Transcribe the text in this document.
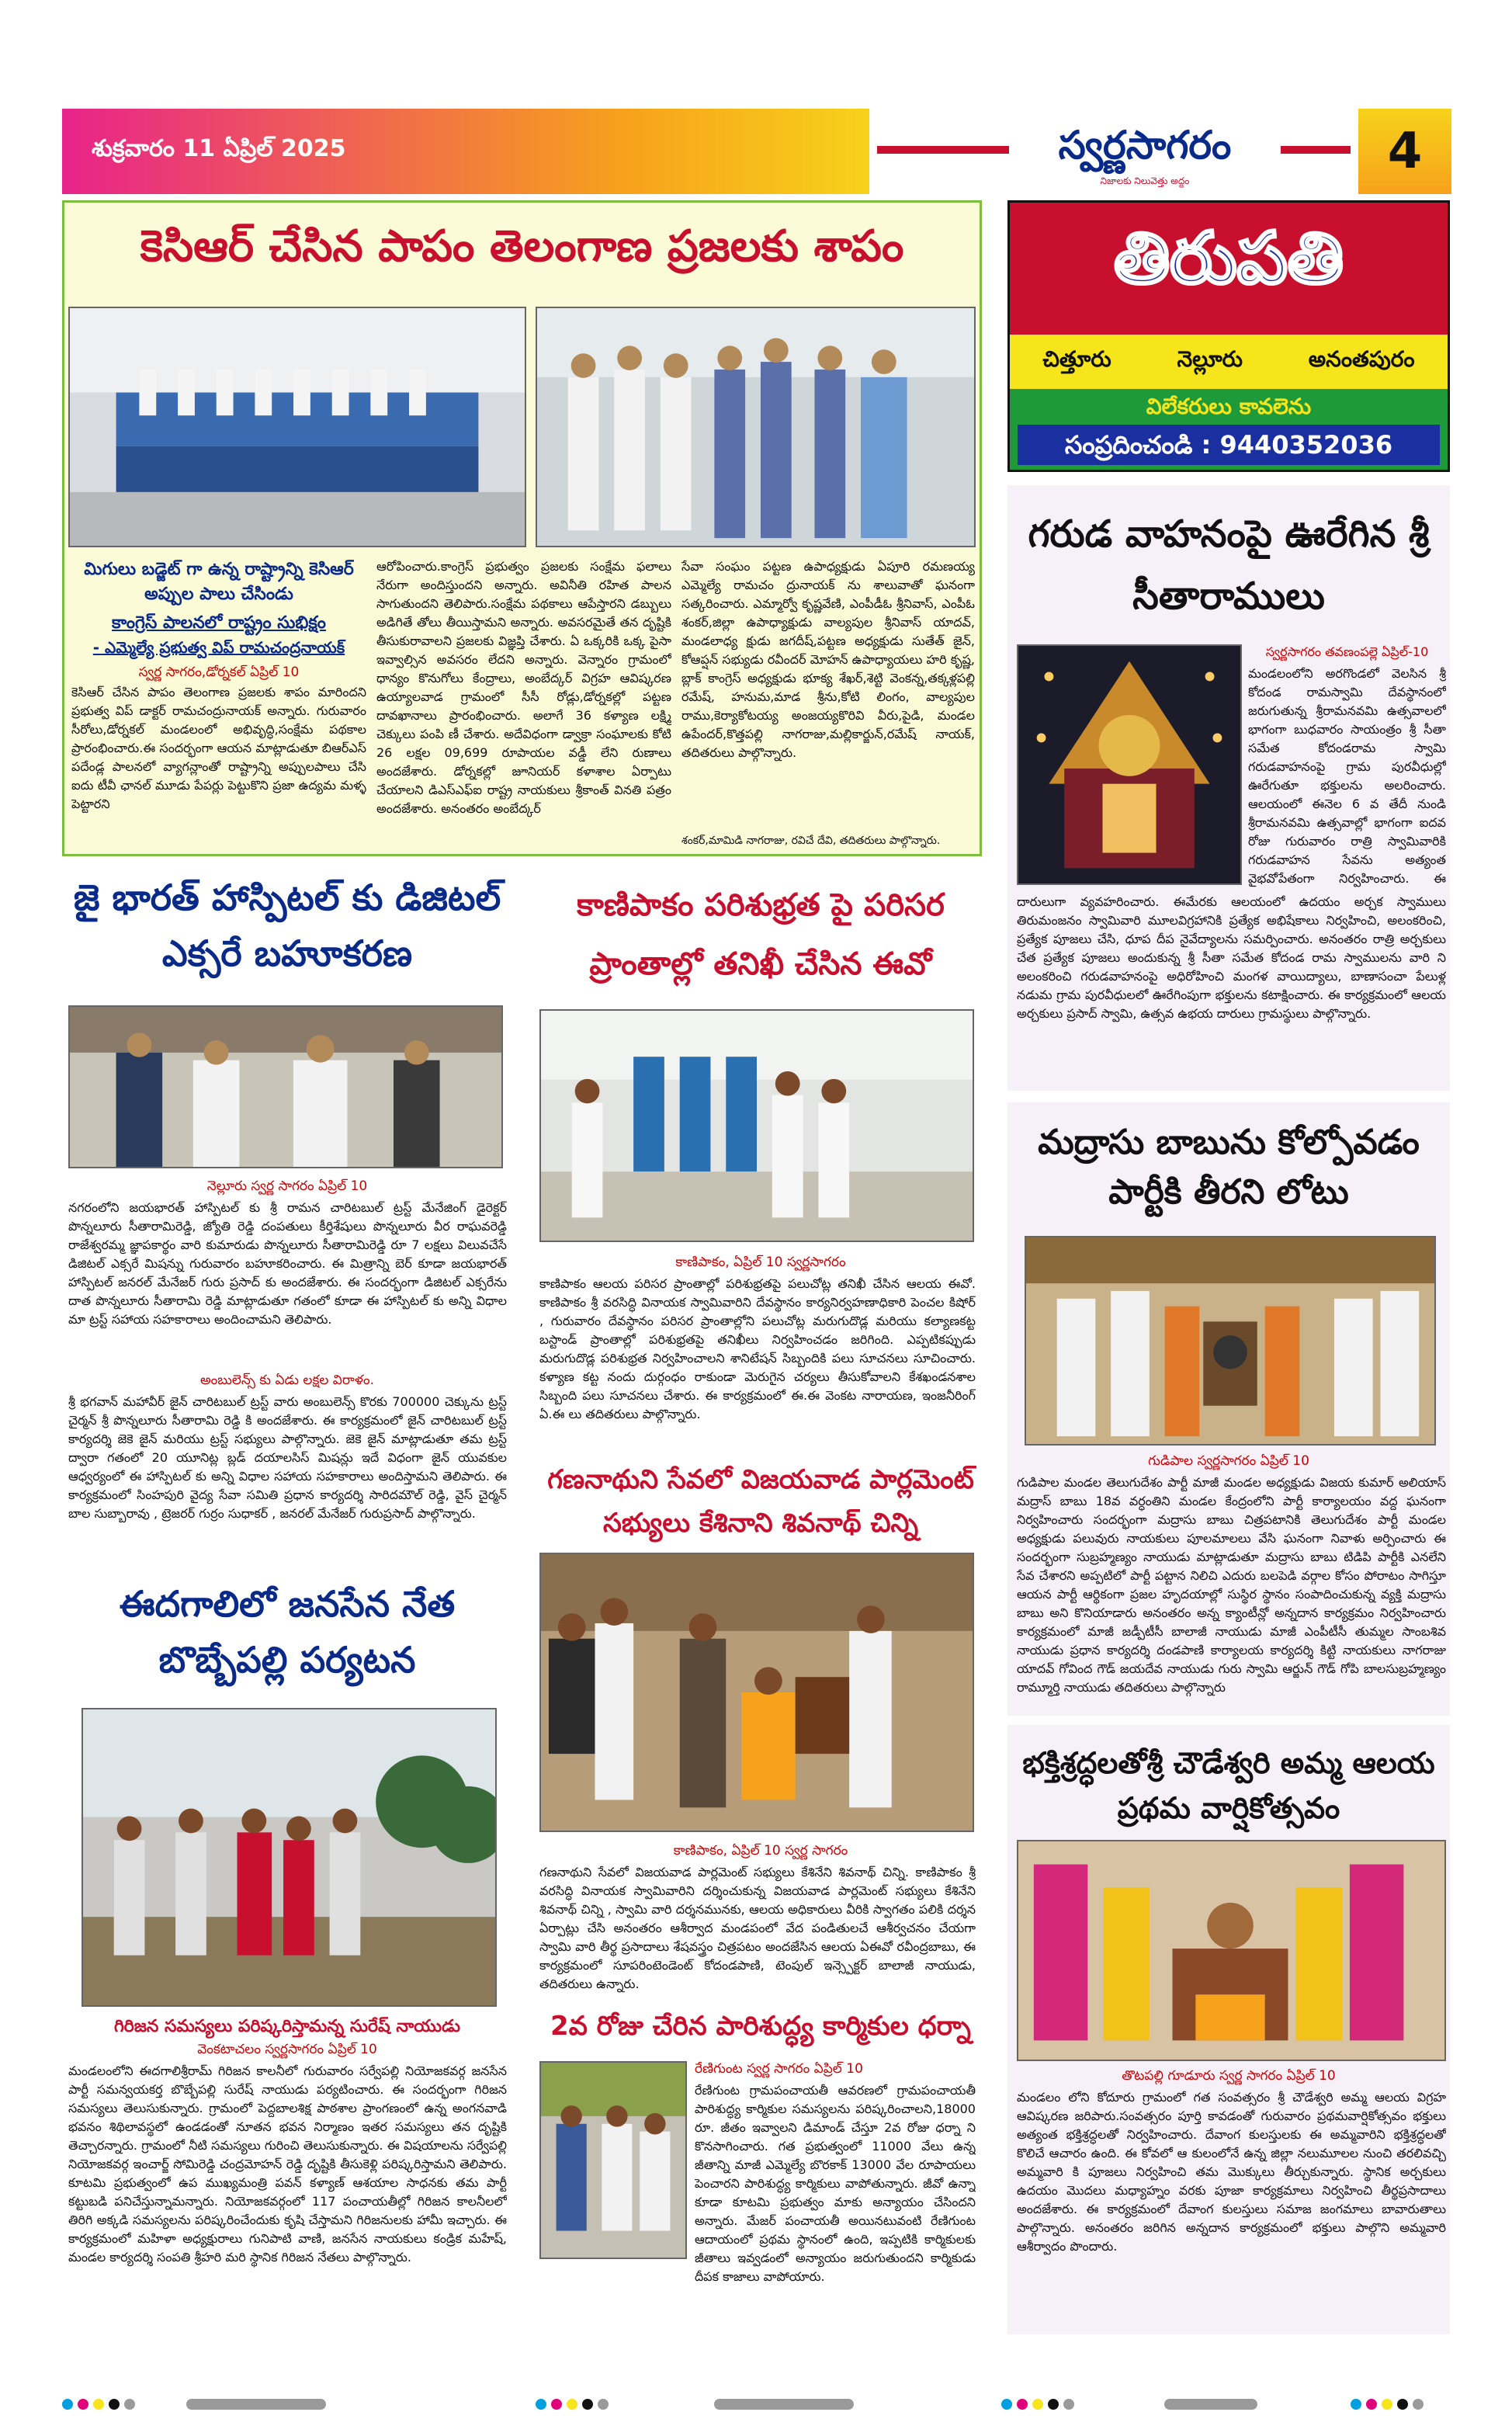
శుక్రవారం 11 ఏప్రిల్ 2025	స్వర్ణసాగరం
నిజాలకు నిలువెత్తు అద్దం
4
కెసిఆర్ చేసిన పాపం తెలంగాణ ప్రజలకు శాపం
మిగులు బడ్జెట్ గా ఉన్న రాష్ట్రాన్ని కెసిఆర్ అప్పుల పాలు చేసిండు
కాంగ్రెస్ పాలనలో రాష్ట్రం సుభిక్షం
- ఎమ్మెల్యే ప్రభుత్వ విప్ రామచంద్రనాయక్
స్వర్ణ సాగరం,డోర్నకల్ ఏప్రిల్ 10
కెసిఆర్ చేసిన పాపం తెలంగాణ ప్రజలకు శాపం మారిందని ప్రభుత్వ విప్ డాక్టర్ రామచంద్రునాయక్ అన్నారు. గురువారం సీరోలు,డోర్నకల్ మండలంలో అభివృద్ధి,సంక్షేమ పథకాల ప్రారంభించారు.ఈ సందర్భంగా ఆయన మాట్లాడుతూ బిఆర్ఎస్ పదేండ్ల పాలనలో వ్యాగన్లాంతో రాష్ట్రాన్ని అప్పులపాలు చేసి ఐదు టీవీ ఛానల్ మూడు పేపర్లు పెట్టుకొని ప్రజా ఉద్యమ మళ్ళ పెట్టారని
ఆరోపించారు.కాంగ్రెస్ ప్రభుత్వం ప్రజలకు సంక్షేమ ఫలాలు నేరుగా అందిస్తుందని అన్నారు. అవినీతి రహిత పాలన సాగుతుందని తెలిపారు.సంక్షేమ పథకాలు ఆపేస్తారని డబ్బులు అడిగితే తోలు తీయిస్తామని అన్నారు. అవసరమైతే తన దృష్టికి తీసుకురావాలని ప్రజలకు విజ్ఞప్తి చేశారు. ఏ ఒక్కరికి ఒక్క పైసా ఇవ్వాల్సిన అవసరం లేదని అన్నారు. వెన్నారం గ్రామంలో ధాన్యం కొనుగోలు కేంద్రాలు, అంబేద్కర్ విగ్రహ ఆవిష్కరణ ఉయ్యాలవాడ గ్రామంలో సీసీ రోడ్లు,డోర్నకల్లో పట్టణ దావఖానాలు ప్రారంభించారు. అలాగే 36 కళ్యాణ లక్ష్మి చెక్కులు పంపి ణీ చేశారు. అదేవిధంగా డ్వాక్రా సంఘాలకు కోటి 26 లక్షల 09,699 రూపాయల వడ్డీ లేని రుణాలు అందజేశారు. డోర్నకల్లో జూనియర్ కళాశాల ఏర్పాటు చేయాలని డిఎస్ఎఫ్ఐ రాష్ట్ర నాయకులు శ్రీకాంత్ వినతి పత్రం అందజేశారు. అనంతరం అంబేద్కర్
సేవా సంఘం పట్టణ ఉపాధ్యక్షుడు ఏపూరి రమణయ్య ఎమ్మెల్యే రామచం ద్రునాయక్ ను శాలువాతో ఘనంగా సత్కరించారు. ఎమ్మార్వో కృష్ణవేణి, ఎంపీడీఓ శ్రీనివాస్, ఎంపీఓ శంకర్,జిల్లా ఉపాధ్యాక్షుడు వాల్యపుల శ్రీనివాస్ యాదవ్, మండలాధ్య క్షుడు జగదీష్,పట్టణ అధ్యక్షుడు సుతేత్ జైన్, కోఆప్షన్ సభ్యుడు రవీందర్ మోహన్ ఉపాధ్యాయలు హరి కృష్ణ, బ్లాక్ కాంగ్రెస్ అధ్యక్షుడు భూక్య శేఖర్,శెట్టి వెంకన్న,తక్కళ్లపల్లి రమేష్, హనుమ,మాడ శ్రీను,కోటి లింగం, వాల్యపుల రాము,కెర్యాకోటయ్య అంజయ్యకొరివి వీరు,పైడి, మండల ఉపేందర్,కొత్తపల్లి నాగరాజు,మల్లికార్జున్,రమేష్ నాయక్, తదితరులు పాల్గొన్నారు.
తిరుపతి
చిత్తూరు	నెల్లూరు	అనంతపురం
విలేకరులు కావలెను
సంప్రదించండి : 9440352036
గరుడ వాహనంపై ఊరేగిన శ్రీ సీతారాములు
స్వర్ణసాగరం తవణంపల్లె ఏప్రిల్-10
మండలంలోని అరగొండలో వెలసిన శ్రీ కోదండ రామస్వామి దేవస్థానంలో జరుగుతున్న శ్రీరామనవమి ఉత్సవాలలో భాగంగా బుధవారం సాయంత్రం శ్రీ సీతా సమేత కోదండరామ స్వామి గరుడవాహనంపై గ్రామ పురవీధుల్లో ఊరేగుతూ భక్తులను అలరించారు. ఆలయంలో ఈనెల 6 వ తేదీ నుండి శ్రీరామనవమి ఉత్సవాల్లో భాగంగా ఐదవ రోజు గురువారం రాత్రి స్వామివారికి గరుడవాహన సేవను అత్యంత వైభవోపేతంగా నిర్వహించారు. ఈ
దారులుగా వ్యవహరించారు. ఈమేరకు ఆలయంలో ఉదయం అర్చక స్వాములు తిరుమంజనం స్వామివారి మూలవిగ్రహానికి ప్రత్యేక అభిషేకాలు నిర్వహించి, అలంకరించి, ప్రత్యేక పూజలు చేసి, ధూప దీప నైవేద్యాలను సమర్పించారు. అనంతరం రాత్రి అర్చకులు చేత ప్రత్యేక పూజలు అందుకున్న శ్రీ సీతా సమేత కోదండ రామ స్వాములను వారి ని అలంకరించి గరుడవాహనంపై అధిరోహించి మంగళ వాయిద్యాలు, బాణాసంచా పేలుళ్ల నడుమ గ్రామ పురవీధులలో ఊరేగింపుగా భక్తులను కటాక్షించారు. ఈ కార్యక్రమంలో ఆలయ అర్చకులు ప్రసాద్ స్వామి, ఉత్సవ ఉభయ దారులు గ్రామస్థులు పాల్గొన్నారు.
మద్రాసు బాబును కోల్పోవడం పార్టీకి తీరని లోటు
గుడిపాల స్వర్ణసాగరం ఏప్రిల్ 10
గుడిపాల మండల తెలుగుదేశం పార్టీ మాజీ మండల అధ్యక్షుడు విజయ కుమార్ అలియాస్ మద్రాస్ బాబు 18వ వర్ధంతిని మండల కేంద్రంలోని పార్టీ కార్యాలయం వద్ద ఘనంగా నిర్వహించారు సందర్భంగా మద్రాసు బాబు చిత్రపటానికి తెలుగుదేశం పార్టీ మండల అధ్యక్షుడు పలువురు నాయకులు పూలమాలలు వేసి ఘనంగా నివాళు అర్పించారు ఈ సందర్భంగా సుబ్రహ్మణ్యం నాయుడు మాట్లాడుతూ మద్రాసు బాబు టిడిపి పార్టీకి ఎనలేని సేవ చేశారని అప్పటిలో పార్టీ పట్టాన నిలిచి ఎదురు బలపెడి వర్గాల కోసం పోరాటం సాగిస్తూ ఆయన పార్టీ ఆర్థికంగా ప్రజల హృదయాల్లో సుస్థిర స్థానం సంపాదించుకున్న వ్యక్తి మద్రాసు బాబు అని కొనియాడారు అనంతరం అన్న క్యాంటీన్లో అన్నదాన కార్యక్రమం నిర్వహించారు కార్యక్రమంలో మాజీ జడ్పీటీసీ బాలాజీ నాయుడు మాజీ ఎంపీటీసీ తుమ్మల సాంబశివ నాయుడు ప్రధాన కార్యదర్శి దండపాణి కార్యాలయ కార్యదర్శి కిట్టి నాయకులు నాగరాజు యాదవ్ గోవింద గౌడ్ జయదేవ నాయుడు గురు స్వామి ఆర్జున్ గౌడ్ గోపి బాలసుబ్రహ్మణ్యం రామ్మూర్తి నాయుడు తదితరులు పాల్గొన్నారు
భక్తిశ్రద్ధలతోశ్రీ చౌడేశ్వరి అమ్మ ఆలయ ప్రథమ వార్షికోత్సవం
తొటపల్లి గూడూరు స్వర్ణ సాగరం ఏప్రిల్ 10
మండలం లోని కోదూరు గ్రామంలో గత సంవత్సరం శ్రీ చౌడేశ్వరి అమ్మ ఆలయ విగ్రహ ఆవిష్కరణ జరిపారు.సంవత్సరం పూర్తి కావడంతో గురువారం ప్రథమవార్షికోత్సవం భక్తులు అత్యంత భక్తిశ్రద్ధలతో నిర్వహించారు. దేవాంగ కులస్తులకు ఈ అమ్మవారిని భక్తిశ్రద్ధలతో కొలిచే ఆచారం ఉంది. ఈ కోవలో ఆ కులంలోనే ఉన్న జిల్లా నలుమూలల నుంచి తరలివచ్చి అమ్మవారి కి పూజలు నిర్వహించి తమ మొక్కులు తీర్చుకున్నారు. స్థానిక అర్చకులు ఉదయం మొదలు మధ్యాహ్నం వరకు పూజా కార్యక్రమాలు నిర్వహించి తీర్థప్రసాదాలు అందజేశారు. ఈ కార్యక్రమంలో దేవాంగ కులస్తులు సమాజ జంగమాలు బావారుతాలు పాల్గొన్నారు. అనంతరం జరిగిన అన్నదాన కార్యక్రమంలో భక్తులు పాల్గొని అమ్మవారి ఆశీర్వాదం పొందారు.
జై భారత్ హాస్పిటల్ కు డిజిటల్ ఎక్సరే బహూకరణ
నెల్లూరు స్వర్ణ సాగరం ఏప్రిల్ 10
నగరంలోని జయభారత్ హాస్పిటల్ కు శ్రీ రామన చారిటబుల్ ట్రస్ట్ మేనేజింగ్ డైరెక్టర్ పొన్నలూరు సీతారామిరెడ్డి, జ్యోతి రెడ్డి దంపతులు కీర్తిశేషులు పొన్నలూరు వీర రాఘవరెడ్డి రాజేశ్వరమ్మ జ్ఞాపకార్థం వారి కుమారుడు పొన్నలూరు సీతారామిరెడ్డి రూ 7 లక్షలు విలువచేసే డిజిటల్ ఎక్సరే మిషన్ను గురువారం బహూకరించారు. ఈ మిత్రాన్ని బెర్ కూడా జయభారత్ హాస్పిటల్ జనరల్ మేనేజర్ గురు ప్రసాద్ కు అందజేశారు. ఈ సందర్భంగా డిజిటల్ ఎక్సరేను దాత పొన్నలూరు సీతారామి రెడ్డి మాట్లాడుతూ గతంలో కూడా ఈ హాస్పిటల్ కు అన్ని విధాల మా ట్రస్ట్ సహాయ సహకారాలు అందించామని తెలిపారు.
అంబులెన్స్ కు ఏడు లక్షల విరాళం.
శ్రీ భగవాన్ మహావీర్ జైన్ చారిటబుల్ ట్రస్ట్ వారు అంబులెన్స్ కొరకు 700000 చెక్కును ట్రస్ట్ చైర్మన్ శ్రీ పొన్నలూరు సీతారామి రెడ్డి కి అందజేశారు. ఈ కార్యక్రమంలో జైన్ చారిటబుల్ ట్రస్ట్ కార్యదర్శి జెకె జైన్ మరియు ట్రస్ట్ సభ్యులు పాల్గొన్నారు. జెకె జైన్ మాట్లాడుతూ తమ ట్రస్ట్ ద్వారా గతంలో 20 యూనిట్ల బ్లడ్ దయాలసిస్ మిషన్లు ఇదే విధంగా జైన్ యువకుల ఆధ్వర్యంలో ఈ హాస్పిటల్ కు అన్ని విధాల సహాయ సహకారాలు అందిస్తామని తెలిపారు. ఈ కార్యక్రమంలో సింహపురి వైద్య సేవా సమితి ప్రధాన కార్యదర్శి సారిదమౌల్ రెడ్డి, వైస్ చైర్మన్ బాల సుబ్బారావు , ట్రెజరర్ గుర్రం సుధాకర్ , జనరల్ మేనేజర్ గురుప్రసాద్ పాల్గొన్నారు.
ఈదగాలిలో జనసేన నేత బొబ్బేపల్లి పర్యటన
గిరిజన సమస్యలు పరిష్కరిస్తామన్న సురేష్ నాయుడు
వెంకటాచలం స్వర్ణసాగరం ఏప్రిల్ 10
మండలంలోని ఈదగాలిశ్రీరామ్ గిరిజన కాలనీలో గురువారం సర్వేపల్లి నియోజకవర్గ జనసేన పార్టీ సమన్వయకర్త బొబ్బేపల్లి సురేష్ నాయుడు పర్యటించారు. ఈ సందర్భంగా గిరిజన సమస్యలు తెలుసుకున్నారు. గ్రామంలో పెద్దబాలశిక్ష పాఠశాల ప్రాంగణంలో ఉన్న అంగనవాడి భవనం శిథిలావస్థలో ఉండడంతో నూతన భవన నిర్మాణం ఇతర సమస్యలు తన దృష్టికి తెచ్చారన్నారు. గ్రామంలో నీటి సమస్యలు గురించి తెలుసుకున్నారు. ఈ విషయాలను సర్వేపల్లి నియోజకవర్గ ఇంచార్జ్ సోమిరెడ్డి చంద్రమోహన్ రెడ్డి దృష్టికి తీసుకెళ్లి పరిష్కరిస్తామని తెలిపారు. కూటమి ప్రభుత్వంలో ఉప ముఖ్యమంత్రి పవన్ కళ్యాణ్ ఆశయాల సాధనకు తమ పార్టీ కట్టుబడి పనిచేస్తున్నామన్నారు. నియోజకవర్గంలో 117 పంచాయతీల్లో గిరిజన కాలనీలలో తిరిగి అక్కడి సమస్యలను పరిష్కరించేందుకు కృషి చేస్తామని గిరిజనులకు హామీ ఇచ్చారు. ఈ కార్యక్రమంలో మహిళా అధ్యక్షురాలు గునిపాటి వాణి, జనసేన నాయకులు కండ్రిక మహేష్, మండల కార్యదర్శి సంపతి శ్రీహరి మరి స్థానిక గిరిజన నేతలు పాల్గొన్నారు.
కాణిపాకం పరిశుభ్రత పై పరిసర ప్రాంతాల్లో తనిఖీ చేసిన ఈవో
కాణిపాకం, ఏప్రిల్ 10 స్వర్ణసాగరం
కాణిపాకం ఆలయ పరిసర ప్రాంతాల్లో పరిశుభ్రతపై పలుచోట్ల తనిఖీ చేసిన ఆలయ ఈవో. కాణిపాకం శ్రీ వరసిద్ధి వినాయక స్వామివారిని దేవస్థానం కార్యనిర్వహణాధికారి పెంచల కిషోర్ , గురువారం దేవస్థానం పరిసర ప్రాంతాల్లోని పలుచోట్ల మరుగుదొడ్ల మరియు కల్యాణకట్ట బస్టాండ్ ప్రాంతాల్లో పరిశుభ్రతపై తనిఖీలు నిర్వహించడం జరిగింది. ఎప్పటికప్పుడు మరుగుదొడ్ల పరిశుభ్రత నిర్వహించాలని శానిటేషన్ సిబ్బందికి పలు సూచనలు సూచించారు. కళ్యాణ కట్ట నందు దుర్గంధం రాకుండా మెరుగైన చర్యలు తీసుకోవాలని కేశఖండనశాల సిబ్బంది పలు సూచనలు చేశారు. ఈ కార్యక్రమంలో ఈ.ఈ వెంకట నారాయణ, ఇంజనీరింగ్ ఏ.ఈ లు తదితరులు పాల్గొన్నారు.
గణనాథుని సేవలో విజయవాడ పార్లమెంట్ సభ్యులు కేశినాని శివనాథ్ చిన్ని
కాణిపాకం, ఏప్రిల్ 10 స్వర్ణ సాగరం
గణనాథుని సేవలో విజయవాడ పార్లమెంట్ సభ్యులు కేశినేని శివనాథ్ చిన్ని. కాణిపాకం శ్రీ వరసిద్ధి వినాయక స్వామివారిని దర్శించుకున్న విజయవాడ పార్లమెంట్ సభ్యులు కేశినేని శివనాథ్ చిన్ని , స్వామి వారి దర్శనమునకు, ఆలయ అధికారులు వీరికి స్వాగతం పలికి దర్శన ఏర్పాట్లు చేసి అనంతరం ఆశీర్వాద మండపంలో వేద పండితులచే ఆశీర్వచనం చేయగా స్వామి వారి తీర్థ ప్రసాదాలు శేషవస్త్రం చిత్రపటం అందజేసిన ఆలయ ఏఈవో రవీంద్రబాబు, ఈ కార్యక్రమంలో సూపరింటెండెంట్ కోదండపాణి, టెంపుల్ ఇన్స్పెక్టర్ బాలాజీ నాయుడు, తదితరులు ఉన్నారు.
2వ రోజు చేరిన పారిశుద్ధ్య కార్మికుల ధర్నా
రేణిగుంట స్వర్ణ సాగరం ఏప్రిల్ 10
రేణిగుంట గ్రామపంచాయతీ ఆవరణలో గ్రామపంచాయతీ పారిశుద్ధ్య కార్మికుల సమస్యలను పరిష్కరించాలని,18000 రూ. జీతం ఇవ్వాలని డిమాండ్ చేస్తూ 2వ రోజు ధర్నా ని కొనసాగించారు. గత ప్రభుత్వంలో 11000 వేలు ఉన్న జీతాన్ని మాజీ ఎమ్మెల్యే బొరకాక్ 13000 వేల రూపాయలు పెంచారని పారిశుద్ధ్య కార్మికులు వాపోతున్నారు. జీవో ఉన్నా కూడా కూటమి ప్రభుత్వం మాకు అన్యాయం చేసిందని అన్నారు. మేజర్ పంచాయతీ అయినటువంటి రేణిగుంట ఆదాయంలో ప్రథమ స్థానంలో ఉంది, ఇప్పటికి కార్మికులకు జీతాలు ఇవ్వడంలో అన్యాయం జరుగుతుందని కార్మికుడు దీపక కాజాలు వాపోయారు.
శంకర్,మామిడి నాగరాజు, రవిచే దేవి, తదితరులు పాల్గొన్నారు.
